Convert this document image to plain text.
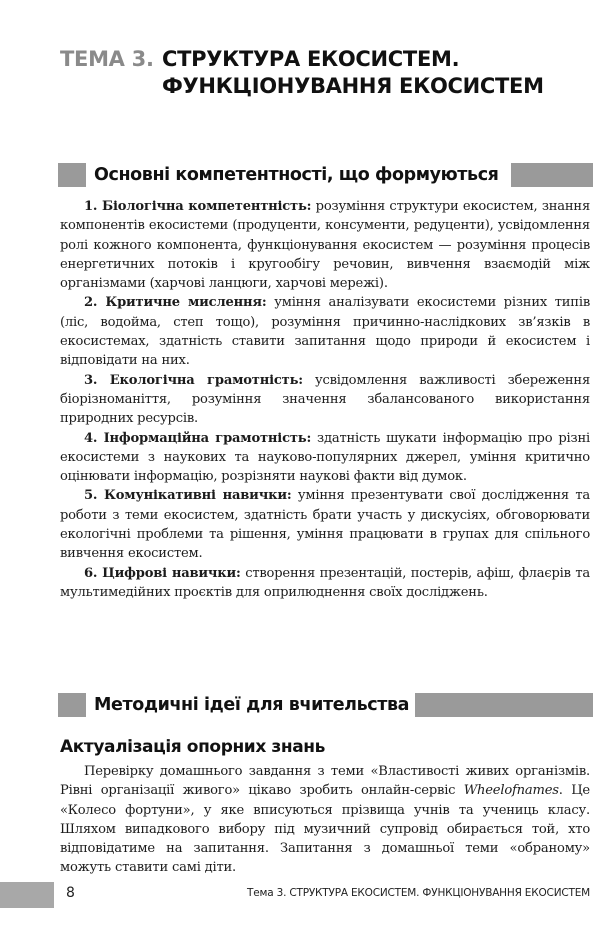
ТЕМА 3. СТРУКТУРА ЕКОСИСТЕМ.
ФУНКЦІОНУВАННЯ ЕКОСИСТЕМ
Основні компетентності, що формуються

1. Біологічна компетентність: розуміння структури екосистем, знання компонентів екосистеми (продуценти, консументи, редуценти), усвідомлення ролі кожного компонента, функціонування екосистем — розуміння процесів енергетичних потоків і кругообігу речовин, вивчення взаємодій між організмами (харчові ланцюги, харчові мережі).

2. Критичне мислення: уміння аналізувати екосистеми різних типів (ліс, водойма, степ тощо), розуміння причинно-наслідкових зв’язків в екосистемах, здатність ставити запитання щодо природи й екосистем і відповідати на них.

3. Екологічна грамотність: усвідомлення важливості збереження біорізноманіття, розуміння значення збалансованого використання природних ресурсів.

4. Інформаційна грамотність: здатність шукати інформацію про різні екосистеми з наукових та науково-популярних джерел, уміння критично оцінювати інформацію, розрізняти наукові факти від думок.

5. Комунікативні навички: уміння презентувати свої дослідження та роботи з теми екосистем, здатність брати участь у дискусіях, обговорювати екологічні проблеми та рішення, уміння працювати в групах для спільного вивчення екосистем.

6. Цифрові навички: створення презентацій, постерів, афіш, флаєрів та мультимедійних проєктів для оприлюднення своїх досліджень.

Методичні ідеї для вчительства
Актуалізація опорних знань

Перевірку домашнього завдання з теми «Властивості живих організмів. Рівні організації живого» цікаво зробить онлайн-сервіс Wheelofnames. Це «Колесо фортуни», у яке вписуються прізвища учнів та учениць класу. Шляхом випадкового вибору під музичний супровід обирається той, хто відповідатиме на запитання. Запитання з домашньої теми «обраному» можуть ставити самі діти.

8	Тема 3. СТРУКТУРА ЕКОСИСТЕМ. ФУНКЦІОНУВАННЯ ЕКОСИСТЕМ
